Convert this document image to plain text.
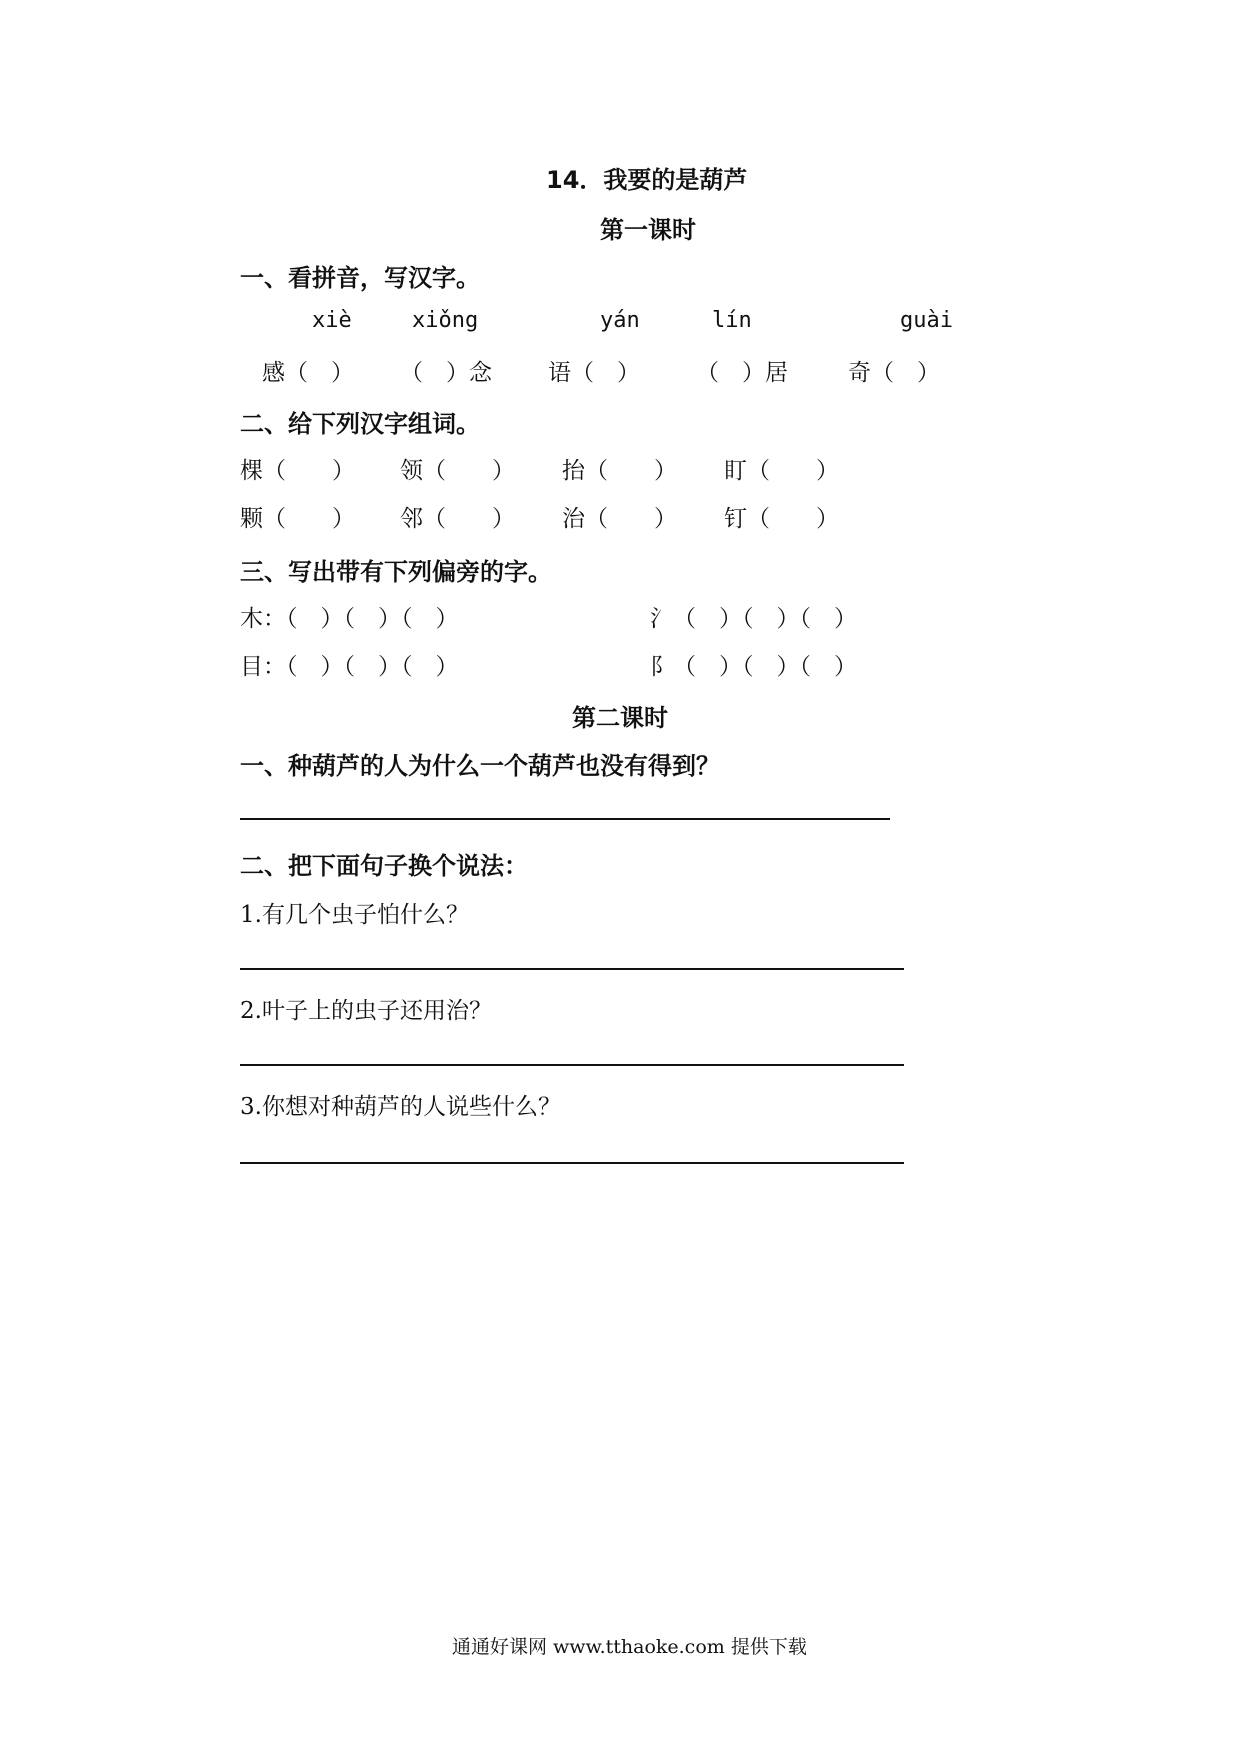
14．我要的是葫芦
第一课时
一、看拼音，写汉字。
xiè	xiǒng	yán	lín	guài
感（　） （　）念 语（　） （　）居	奇（　）
二、给下列汉字组词。
棵（　　） 领（　　） 抬（　　） 盯（　　）
颗（　　） 邻（　　） 治（　　） 钉（　　）
三、写出带有下列偏旁的字。
木：（　）（　）（　）	氵（　）（　）（　）
目：（　）（　）（　）	阝（　）（　）（　）
第二课时
一、种葫芦的人为什么一个葫芦也没有得到？
二、把下面句子换个说法：
1.有几个虫子怕什么？
2.叶子上的虫子还用治？
3.你想对种葫芦的人说些什么？
通通好课网 www.tthaoke.com 提供下载
